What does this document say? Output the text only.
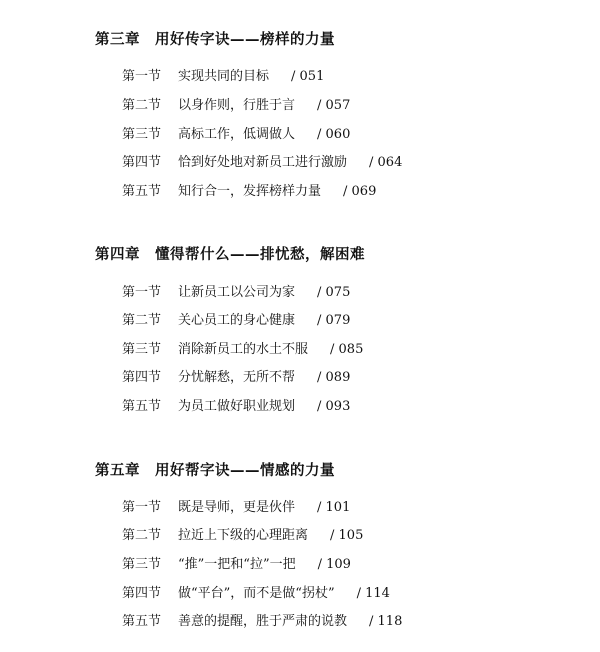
第三章　用好传字诀——榜样的力量
第一节 实现共同的目标 / 051
第二节 以身作则，行胜于言 / 057
第三节 高标工作，低调做人 / 060
第四节 恰到好处地对新员工进行激励 / 064
第五节 知行合一，发挥榜样力量 / 069
第四章　懂得帮什么——排忧愁，解困难
第一节 让新员工以公司为家 / 075
第二节 关心员工的身心健康 / 079
第三节 消除新员工的水土不服 / 085
第四节 分忧解愁，无所不帮 / 089
第五节 为员工做好职业规划 / 093
第五章　用好帮字诀——情感的力量
第一节 既是导师，更是伙伴 / 101
第二节 拉近上下级的心理距离 / 105
第三节 “推”一把和“拉”一把 / 109
第四节 做“平台”，而不是做“拐杖” / 114
第五节 善意的提醒，胜于严肃的说教 / 118
